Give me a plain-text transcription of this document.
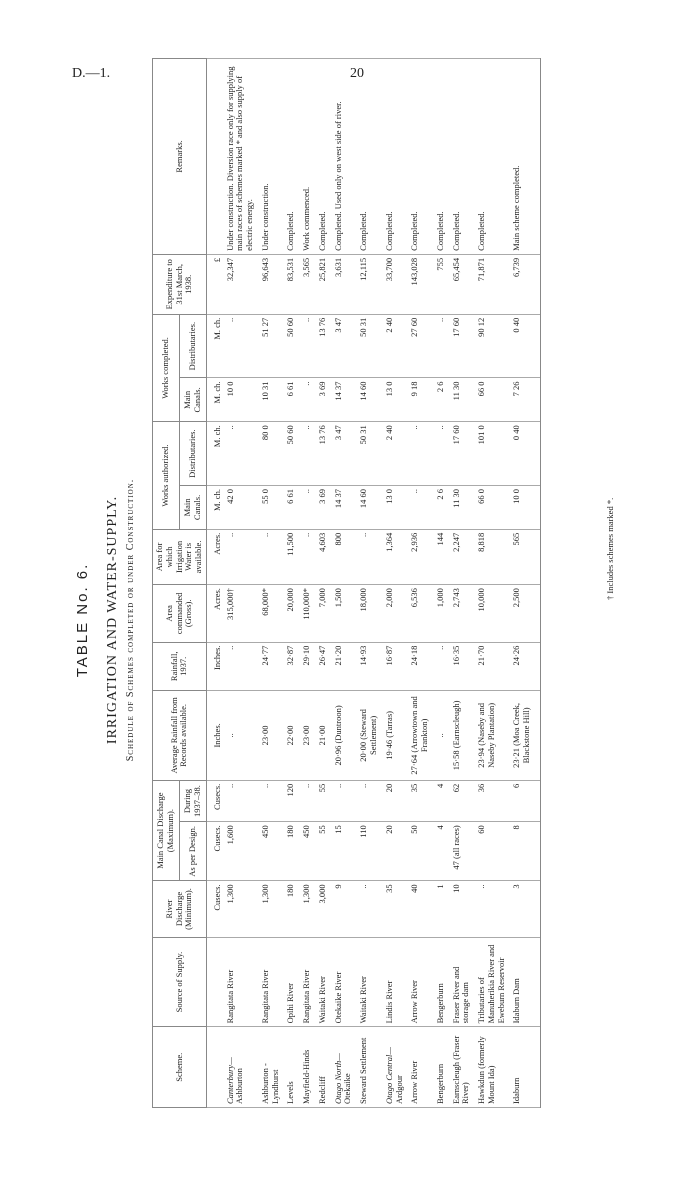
D.—1.	20
TABLE No. 6. IRRIGATION AND WATER-SUPPLY. Schedule of Schemes completed or under Construction.
Scheme.	Source of Supply.	River Discharge (Minimum).	Main Canal Discharge (Maximum).		Average Rainfall from Records available.	Rainfall, 1937.	Area commanded (Gross).	Area for which Irrigation Water is available.	Works authorized.		Works completed.		Expenditure to 31st March, 1938.	Remarks.
			As per Design.	During 1937–38.					Main Canals.	Distributaries.	Main Canals.	Distributaries.		
		Cusecs.	Cusecs.	Cusecs.	Inches.	Inches.	Acres.	Acres.	M. ch.	M. ch.	M. ch.	M. ch.	£	

Canterbury— Ashburton	Rangitata River	1,300	1,600	..	..	..	315,000†	..	42 0	..	10 0	..	32,347	Under construction. Diversion race only for supplying main races of schemes marked * and also supply of electric energy.

Ashburton - Lyndhurst	Rangitata River	1,300	450	..	23·00	24·77	68,000*	..	55 0	80 0	10 31	51 27	96,643	Under construction.

Levels	Opihi River	180	180	120	22·00	32·87	20,000	11,500	6 61	50 60	6 61	50 60	83,531	Completed.

Mayfield-Hinds	Rangitata River	1,300	450	..	23·00	29·10	110,000*	..	..	..	..	..	3,565	Work commenced.

Redcliff	Waitaki River	3,000	55	55	21·00	26·47	7,000	4,603	3 69	13 76	3 69	13 76	25,821	Completed.

Otago North— Otekaike	Otekaike River	9	15	..	20·96 (Duntroon)	21·20	1,500	800	14 37	3 47	14 37	3 47	3,631	Completed. Used only on west side of river.

Steward Settlement	Waitaki River	..	110	..	20·00 (Steward Settlement)	14·93	18,000	..	14 60	50 31	14 60	50 31	12,115	Completed.

Otago Central— Ardgour	Lindis River	35	20	20	19·46 (Tarras)	16·87	2,000	1,364	13 0	2 40	13 0	2 40	33,700	Completed.

Arrow River	Arrow River	40	50	35	27·64 (Arrowtown and Frankton)	24·18	6,536	2,936	..	..	9 18	27 60	143,028	Completed.

Bengerburn	Bengerburn	1	4	4	..	..	1,000	144	2 6	..	2 6	..	755	Completed.

Earnscleugh (Fraser River)	Fraser River and storage dam	10	47 (all races)	62	15·58 (Earnscleugh)	16·35	2,743	2,247	11 30	17 60	11 30	17 60	65,454	Completed.

Hawkdun (formerly Mount Ida)	Tributaries of Manuherikia River and Eweburn Reservoir	..	60	36	23·94 (Naseby and Naseby Plantation)	21·70	10,000	8,818	66 0	101 0	66 0	90 12	71,871	Completed.

Idaburn	Idaburn Dam	3	8	6	23·21 (Moa Creek, Blackstone Hill)	24·26	2,500	565	10 0	0 40	7 26	0 40	6,739	Main scheme completed.
† Includes schemes marked *.
